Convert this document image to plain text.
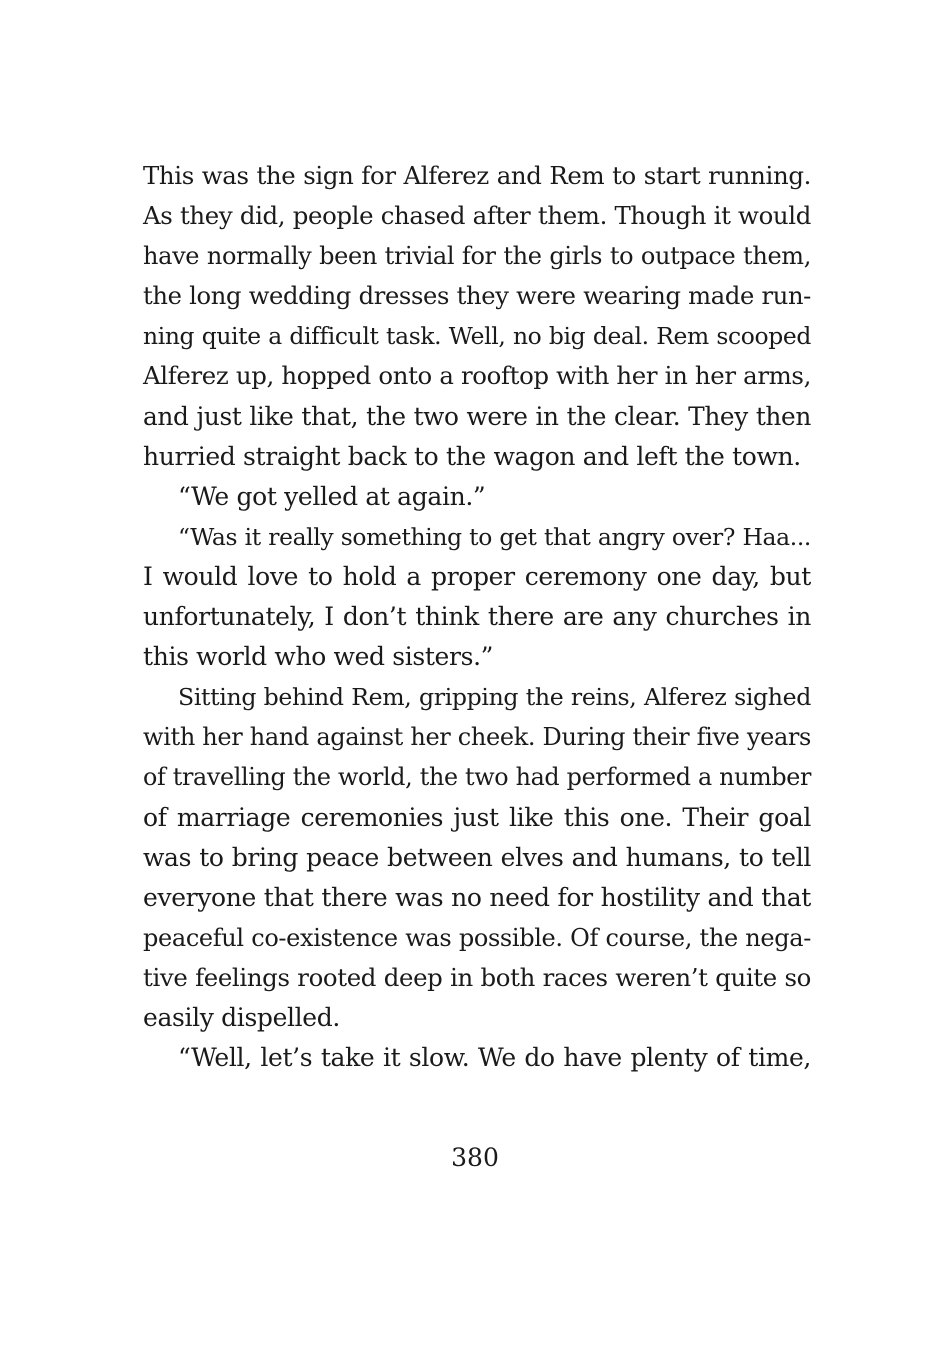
This was the sign for Alferez and Rem to start running.
As they did, people chased after them. Though it would
have normally been trivial for the girls to outpace them,
the long wedding dresses they were wearing made run-
ning quite a difficult task. Well, no big deal. Rem scooped
Alferez up, hopped onto a rooftop with her in her arms,
and just like that, the two were in the clear. They then
hurried straight back to the wagon and left the town.
“We got yelled at again.”
“Was it really something to get that angry over? Haa...
I would love to hold a proper ceremony one day, but
unfortunately, I don’t think there are any churches in
this world who wed sisters.”
Sitting behind Rem, gripping the reins, Alferez sighed
with her hand against her cheek. During their five years
of travelling the world, the two had performed a number
of marriage ceremonies just like this one. Their goal
was to bring peace between elves and humans, to tell
everyone that there was no need for hostility and that
peaceful co-existence was possible. Of course, the nega-
tive feelings rooted deep in both races weren’t quite so
easily dispelled.
“Well, let’s take it slow. We do have plenty of time,
380
